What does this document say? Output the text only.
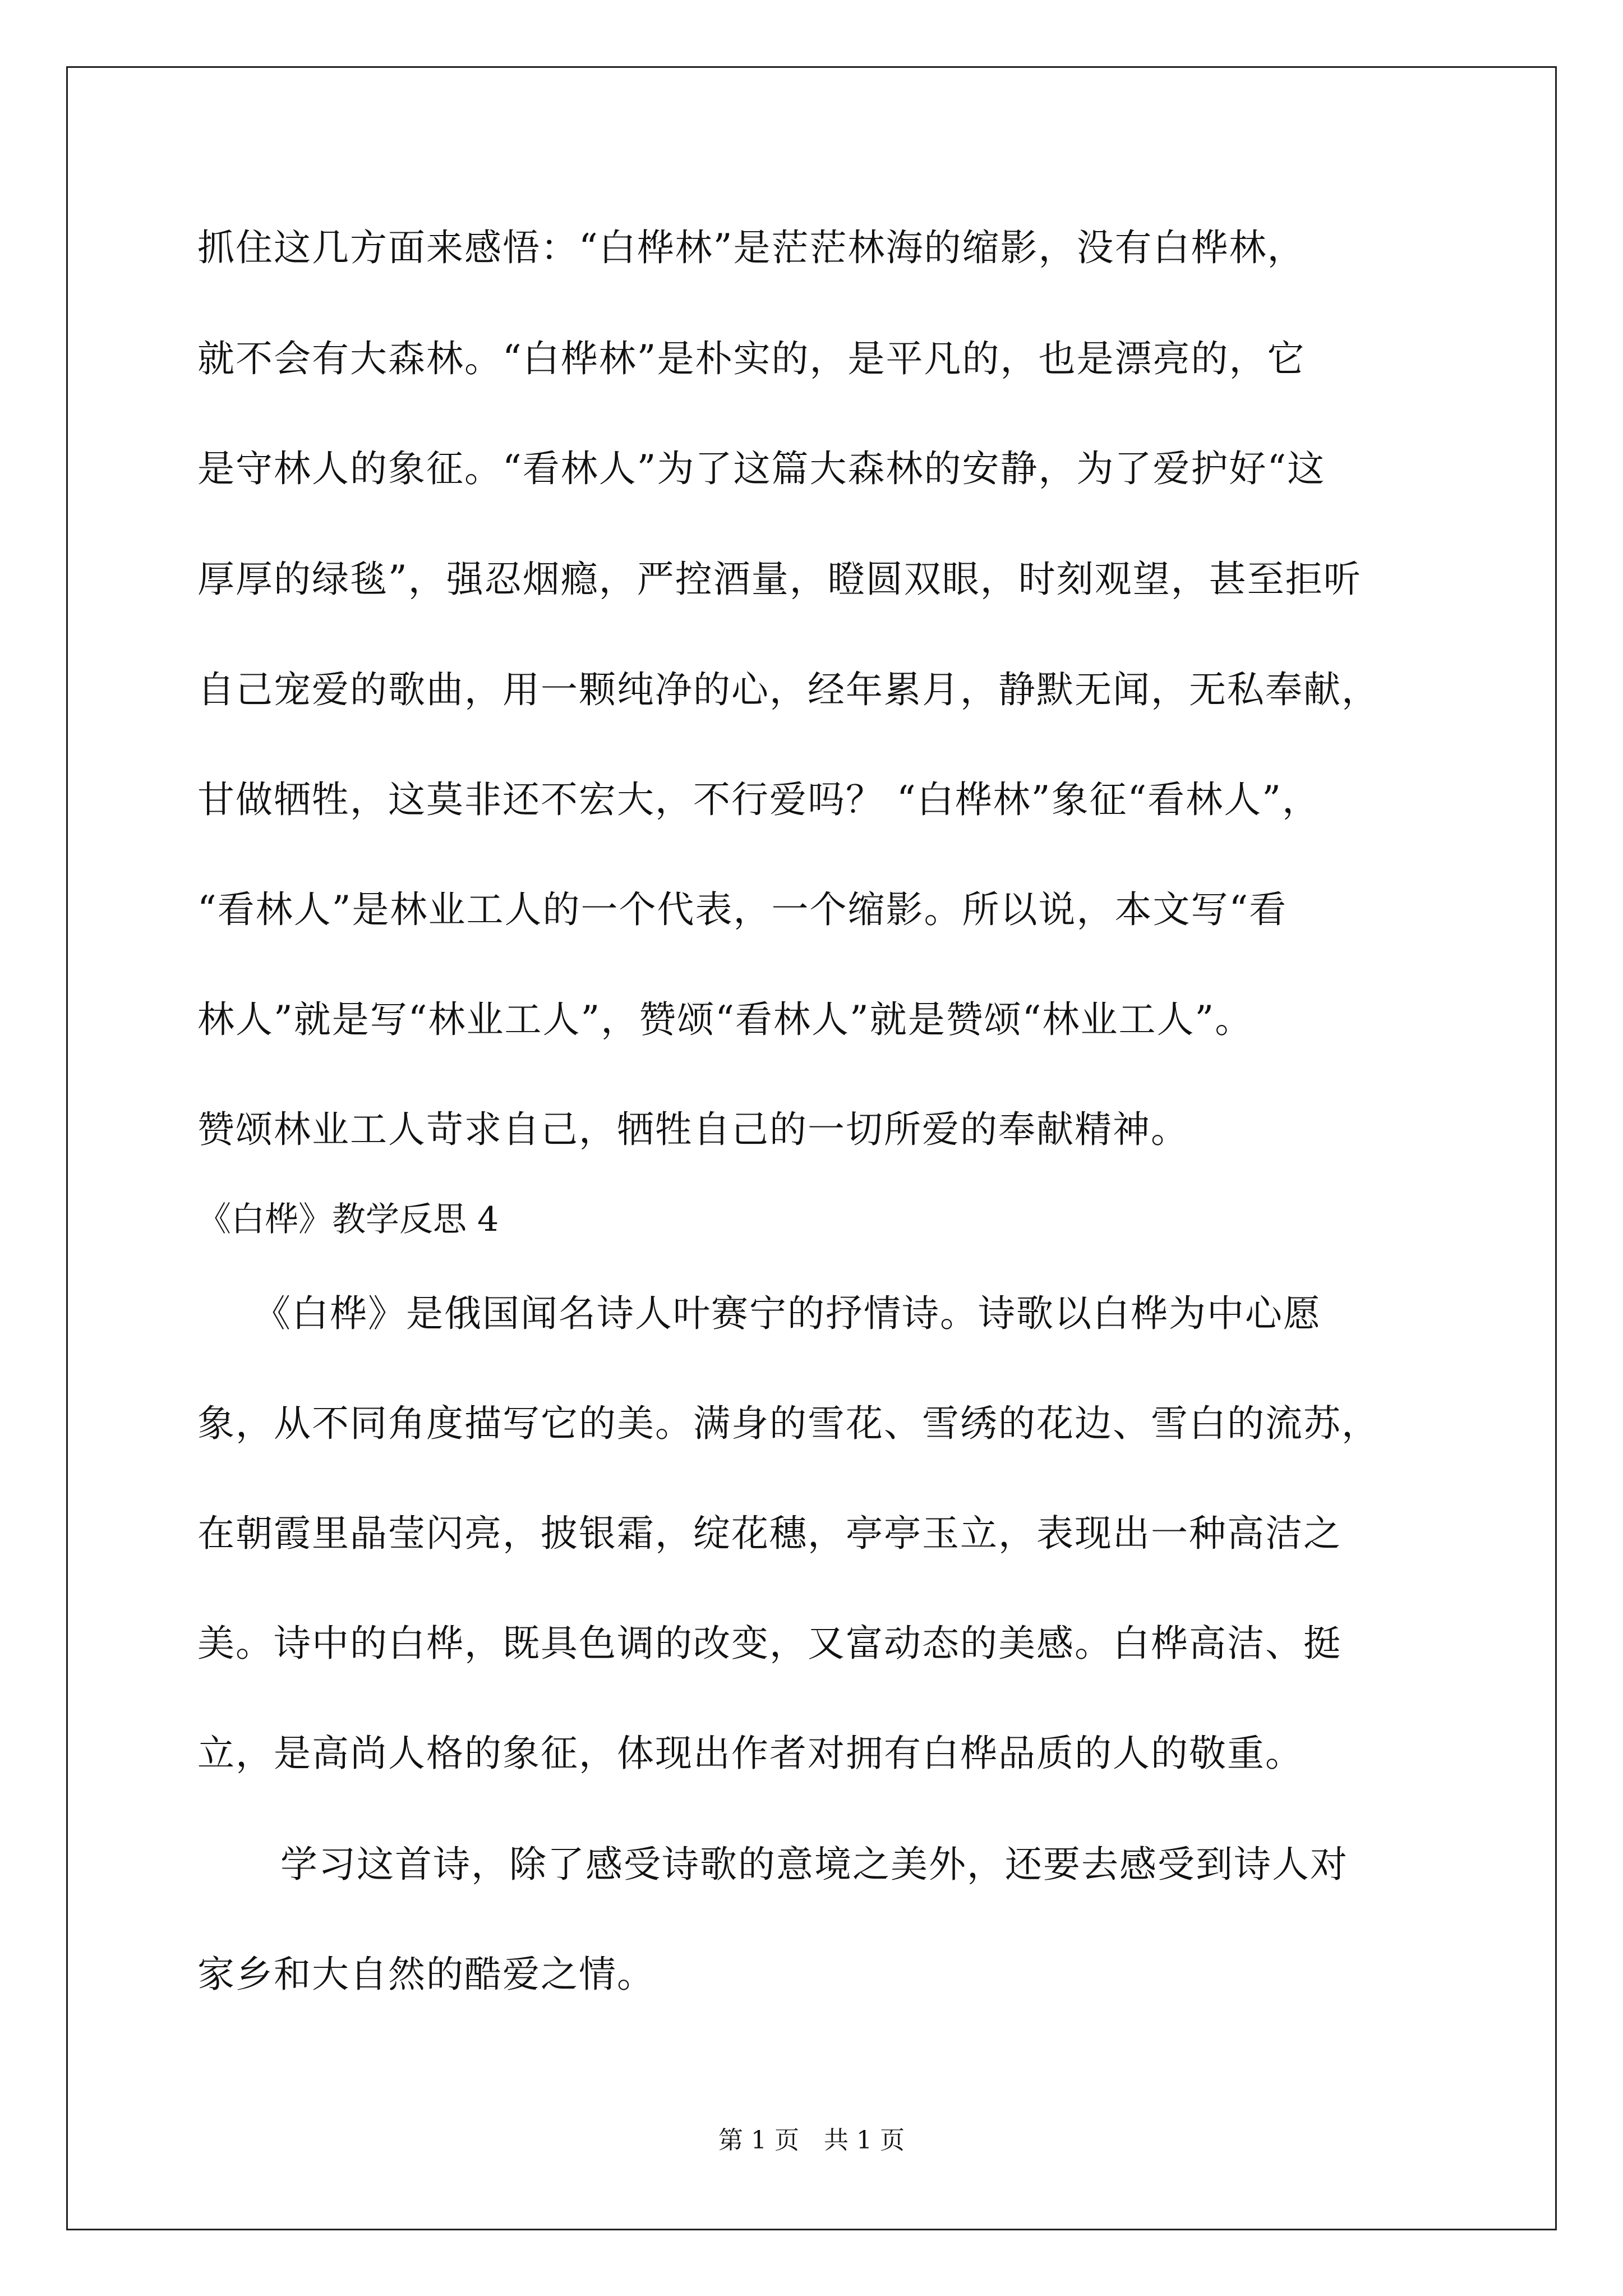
抓住这几方面来感悟：“白桦林”是茫茫林海的缩影，没有白桦林，
就不会有大森林。“白桦林”是朴实的，是平凡的，也是漂亮的，它
是守林人的象征。“看林人”为了这篇大森林的安静，为了爱护好“这
厚厚的绿毯”，强忍烟瘾，严控酒量，瞪圆双眼，时刻观望，甚至拒听
自己宠爱的歌曲，用一颗纯净的心，经年累月，静默无闻，无私奉献，
甘做牺牲，这莫非还不宏大，不行爱吗？ “白桦林”象征“看林人”，
“看林人”是林业工人的一个代表，一个缩影。所以说，本文写“看
林人”就是写“林业工人”，赞颂“看林人”就是赞颂“林业工人”。
赞颂林业工人苛求自己，牺牲自己的一切所爱的奉献精神。
《白桦》教学反思 4
《白桦》是俄国闻名诗人叶赛宁的抒情诗。诗歌以白桦为中心愿
象，从不同角度描写它的美。满身的雪花、雪绣的花边、雪白的流苏，
在朝霞里晶莹闪亮，披银霜，绽花穗，亭亭玉立，表现出一种高洁之
美。诗中的白桦，既具色调的改变，又富动态的美感。白桦高洁、挺
立，是高尚人格的象征，体现出作者对拥有白桦品质的人的敬重。
学习这首诗，除了感受诗歌的意境之美外，还要去感受到诗人对
家乡和大自然的酷爱之情。
第 1 页　共 1 页
